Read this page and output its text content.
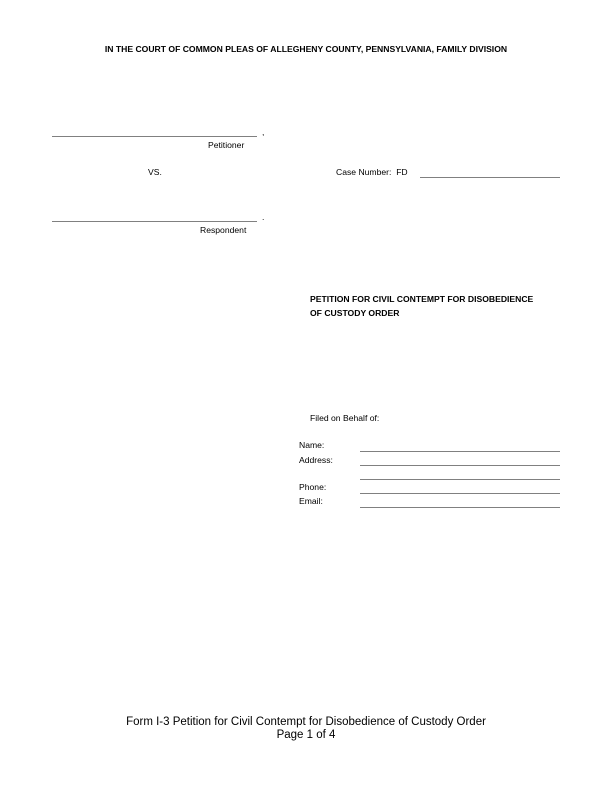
IN THE COURT OF COMMON PLEAS OF ALLEGHENY COUNTY, PENNSYLVANIA, FAMILY DIVISION
,
Petitioner
VS.	Case Number: FD
.
Respondent
PETITION FOR CIVIL CONTEMPT FOR DISOBEDIENCE
OF CUSTODY ORDER
Filed on Behalf of:
Name:
Address:
Phone:
Email:
Form I-3 Petition for Civil Contempt for Disobedience of Custody Order
Page 1 of 4
